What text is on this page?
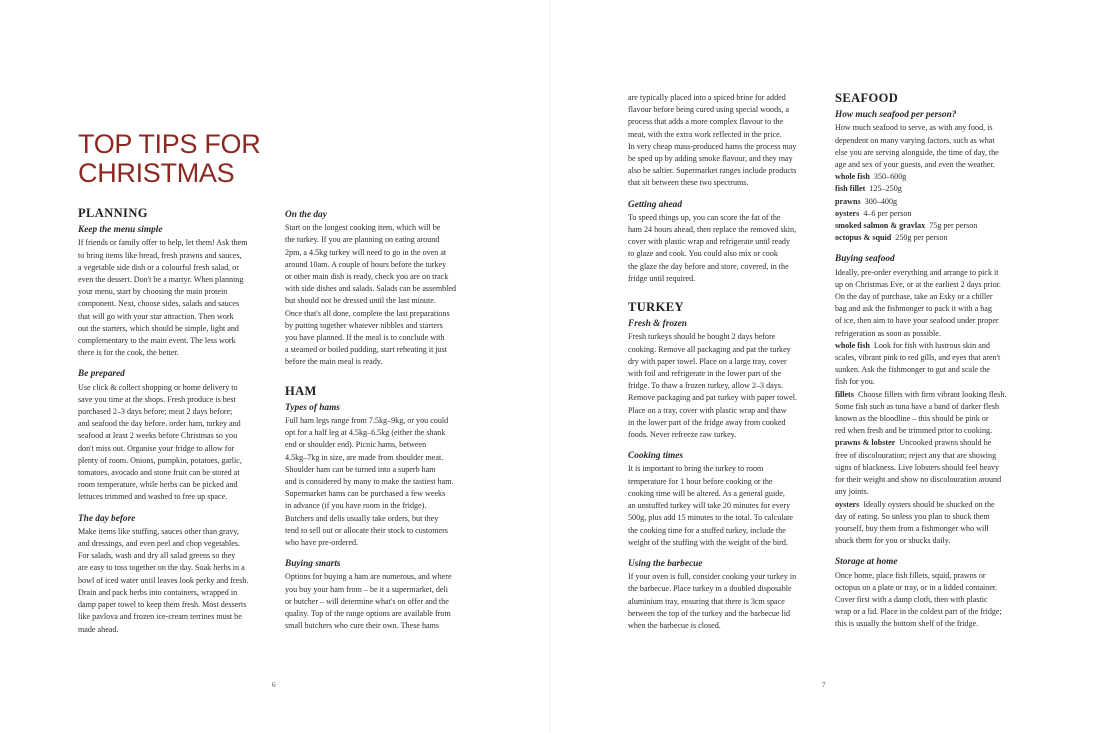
TOP TIPS FOR
CHRISTMAS
PLANNING
Keep the menu simple
If friends or family offer to help, let them! Ask them
to bring items like bread, fresh prawns and sauces,
a vegetable side dish or a colourful fresh salad, or
even the dessert. Don't be a martyr. When planning
your menu, start by choosing the main protein
component. Next, choose sides, salads and sauces
that will go with your star attraction. Then work
out the starters, which should be simple, light and
complementary to the main event. The less work
there is for the cook, the better.
Be prepared
Use click & collect shopping or home delivery to
save you time at the shops. Fresh produce is best
purchased 2–3 days before; meat 2 days before;
and seafood the day before. order ham, turkey and
seafood at least 2 weeks before Christmas so you
don't miss out. Organise your fridge to allow for
plenty of room. Onions, pumpkin, potatoes, garlic,
tomatoes, avocado and stone fruit can be stored at
room temperature, while herbs can be picked and
lettuces trimmed and washed to free up space.
The day before
Make items like stuffing, sauces other than gravy,
and dressings, and even peel and chop vegetables.
For salads, wash and dry all salad greens so they
are easy to toss together on the day. Soak herbs in a
bowl of iced water until leaves look perky and fresh.
Drain and pack herbs into containers, wrapped in
damp paper towel to keep them fresh. Most desserts
like pavlova and frozen ice-cream terrines must be
made ahead.
On the day
Start on the longest cooking item, which will be
the turkey. If you are planning on eating around
2pm, a 4.5kg turkey will need to go in the oven at
around 10am. A couple of hours before the turkey
or other main dish is ready, check you are on track
with side dishes and salads. Salads can be assembled
but should not be dressed until the last minute.
Once that's all done, complete the last preparations
by putting together whatever nibbles and starters
you have planned. If the meal is to conclude with
a steamed or boiled pudding, start reheating it just
before the main meal is ready.
HAM
Types of hams
Full ham legs range from 7.5kg–9kg, or you could
opt for a half leg at 4.5kg–6.5kg (either the shank
end or shoulder end). Picnic hams, between
4.5kg–7kg in size, are made from shoulder meat.
Shoulder ham can be turned into a superb ham
and is considered by many to make the tastiest ham.
Supermarket hams can be purchased a few weeks
in advance (if you have room in the fridge).
Butchers and delis usually take orders, but they
tend to sell out or allocate their stock to customers
who have pre-ordered.
Buying smarts
Options for buying a ham are numerous, and where
you buy your ham from – be it a supermarket, deli
or butcher – will determine what's on offer and the
quality. Top of the range options are available from
small butchers who cure their own. These hams
6
are typically placed into a spiced brine for added
flavour before being cured using special woods, a
process that adds a more complex flavour to the
meat, with the extra work reflected in the price.
In very cheap mass-produced hams the process may
be sped up by adding smoke flavour, and they may
also be saltier. Supermarket ranges include products
that sit between these two spectrums.
Getting ahead
To speed things up, you can score the fat of the
ham 24 hours ahead, then replace the removed skin,
cover with plastic wrap and refrigerate until ready
to glaze and cook. You could also mix or cook
the glaze the day before and store, covered, in the
fridge until required.
TURKEY
Fresh & frozen
Fresh turkeys should be bought 2 days before
cooking. Remove all packaging and pat the turkey
dry with paper towel. Place on a large tray, cover
with foil and refrigerate in the lower part of the
fridge. To thaw a frozen turkey, allow 2–3 days.
Remove packaging and pat turkey with paper towel.
Place on a tray, cover with plastic wrap and thaw
in the lower part of the fridge away from cooked
foods. Never refreeze raw turkey.
Cooking times
It is important to bring the turkey to room
temperature for 1 hour before cooking or the
cooking time will be altered. As a general guide,
an unstuffed turkey will take 20 minutes for every
500g, plus add 15 minutes to the total. To calculate
the cooking time for a stuffed turkey, include the
weight of the stuffing with the weight of the bird.
Using the barbecue
If your oven is full, consider cooking your turkey in
the barbecue. Place turkey in a doubled disposable
aluminium tray, ensuring that there is 3cm space
between the top of the turkey and the barbecue lid
when the barbecue is closed.
SEAFOOD
How much seafood per person?
How much seafood to serve, as with any food, is
dependent on many varying factors, such as what
else you are serving alongside, the time of day, the
age and sex of your guests, and even the weather.
whole fish  350–600g
fish fillet  125–250g
prawns  300–400g
oysters  4–6 per person
smoked salmon & gravlax  75g per person
octopus & squid  250g per person
Buying seafood
Ideally, pre-order everything and arrange to pick it
up on Christmas Eve, or at the earliest 2 days prior.
On the day of purchase, take an Esky or a chiller
bag and ask the fishmonger to pack it with a bag
of ice, then aim to have your seafood under proper
refrigeration as soon as possible.
whole fish Look for fish with lustrous skin and
scales, vibrant pink to red gills, and eyes that aren't
sunken. Ask the fishmonger to gut and scale the
fish for you.
fillets Choose fillets with firm vibrant looking flesh.
Some fish such as tuna have a band of darker flesh
known as the bloodline – this should be pink or
red when fresh and be trimmed prior to cooking.
prawns & lobster Uncooked prawns should be
free of discolouration; reject any that are showing
signs of blackness. Live lobsters should feel heavy
for their weight and show no discolouration around
any joints.
oysters Ideally oysters should be shucked on the
day of eating. So unless you plan to shuck them
yourself, buy them from a fishmonger who will
shuck them for you or shucks daily.
Storage at home
Once home, place fish fillets, squid, prawns or
octopus on a plate or tray, or in a lidded container.
Cover first with a damp cloth, then with plastic
wrap or a lid. Place in the coldest part of the fridge;
this is usually the bottom shelf of the fridge.
7
